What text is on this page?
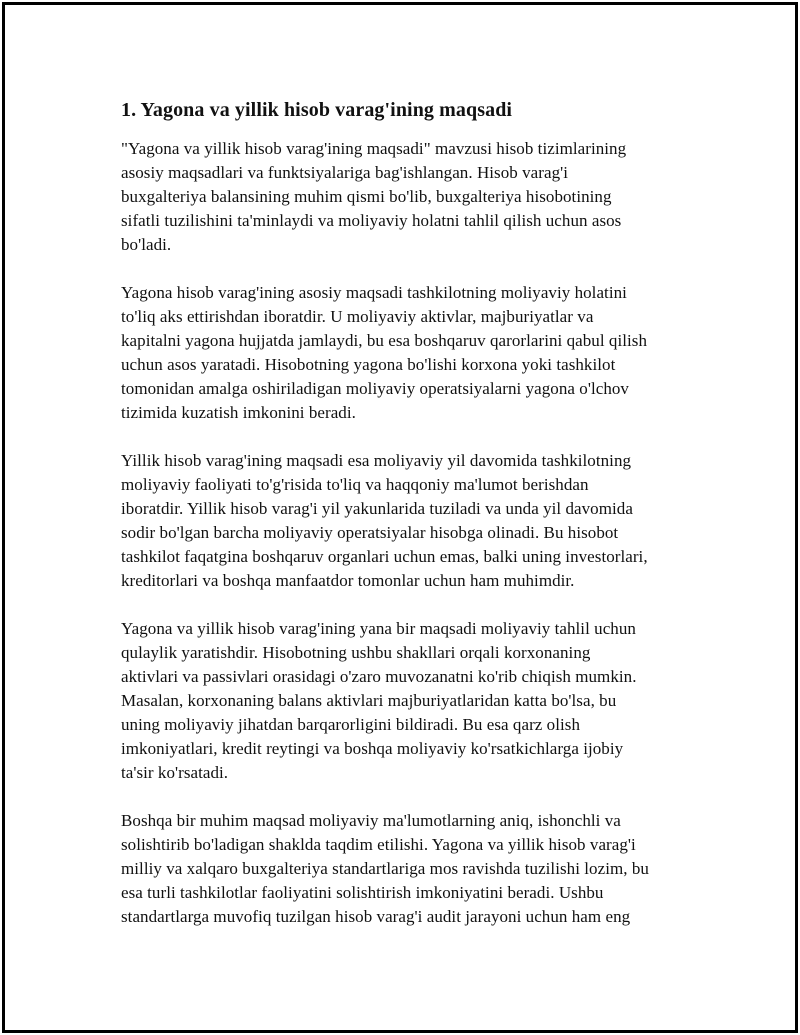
1. Yagona va yillik hisob varag'ining maqsadi
"Yagona va yillik hisob varag'ining maqsadi" mavzusi hisob tizimlarining
asosiy maqsadlari va funktsiyalariga bag'ishlangan. Hisob varag'i
buxgalteriya balansining muhim qismi bo'lib, buxgalteriya hisobotining
sifatli tuzilishini ta'minlaydi va moliyaviy holatni tahlil qilish uchun asos
bo'ladi.
Yagona hisob varag'ining asosiy maqsadi tashkilotning moliyaviy holatini
to'liq aks ettirishdan iboratdir. U moliyaviy aktivlar, majburiyatlar va
kapitalni yagona hujjatda jamlaydi, bu esa boshqaruv qarorlarini qabul qilish
uchun asos yaratadi. Hisobotning yagona bo'lishi korxona yoki tashkilot
tomonidan amalga oshiriladigan moliyaviy operatsiyalarni yagona o'lchov
tizimida kuzatish imkonini beradi.
Yillik hisob varag'ining maqsadi esa moliyaviy yil davomida tashkilotning
moliyaviy faoliyati to'g'risida to'liq va haqqoniy ma'lumot berishdan
iboratdir. Yillik hisob varag'i yil yakunlarida tuziladi va unda yil davomida
sodir bo'lgan barcha moliyaviy operatsiyalar hisobga olinadi. Bu hisobot
tashkilot faqatgina boshqaruv organlari uchun emas, balki uning investorlari,
kreditorlari va boshqa manfaatdor tomonlar uchun ham muhimdir.
Yagona va yillik hisob varag'ining yana bir maqsadi moliyaviy tahlil uchun
qulaylik yaratishdir. Hisobotning ushbu shakllari orqali korxonaning
aktivlari va passivlari orasidagi o'zaro muvozanatni ko'rib chiqish mumkin.
Masalan, korxonaning balans aktivlari majburiyatlaridan katta bo'lsa, bu
uning moliyaviy jihatdan barqarorligini bildiradi. Bu esa qarz olish
imkoniyatlari, kredit reytingi va boshqa moliyaviy ko'rsatkichlarga ijobiy
ta'sir ko'rsatadi.
Boshqa bir muhim maqsad moliyaviy ma'lumotlarning aniq, ishonchli va
solishtirib bo'ladigan shaklda taqdim etilishi. Yagona va yillik hisob varag'i
milliy va xalqaro buxgalteriya standartlariga mos ravishda tuzilishi lozim, bu
esa turli tashkilotlar faoliyatini solishtirish imkoniyatini beradi. Ushbu
standartlarga muvofiq tuzilgan hisob varag'i audit jarayoni uchun ham eng
